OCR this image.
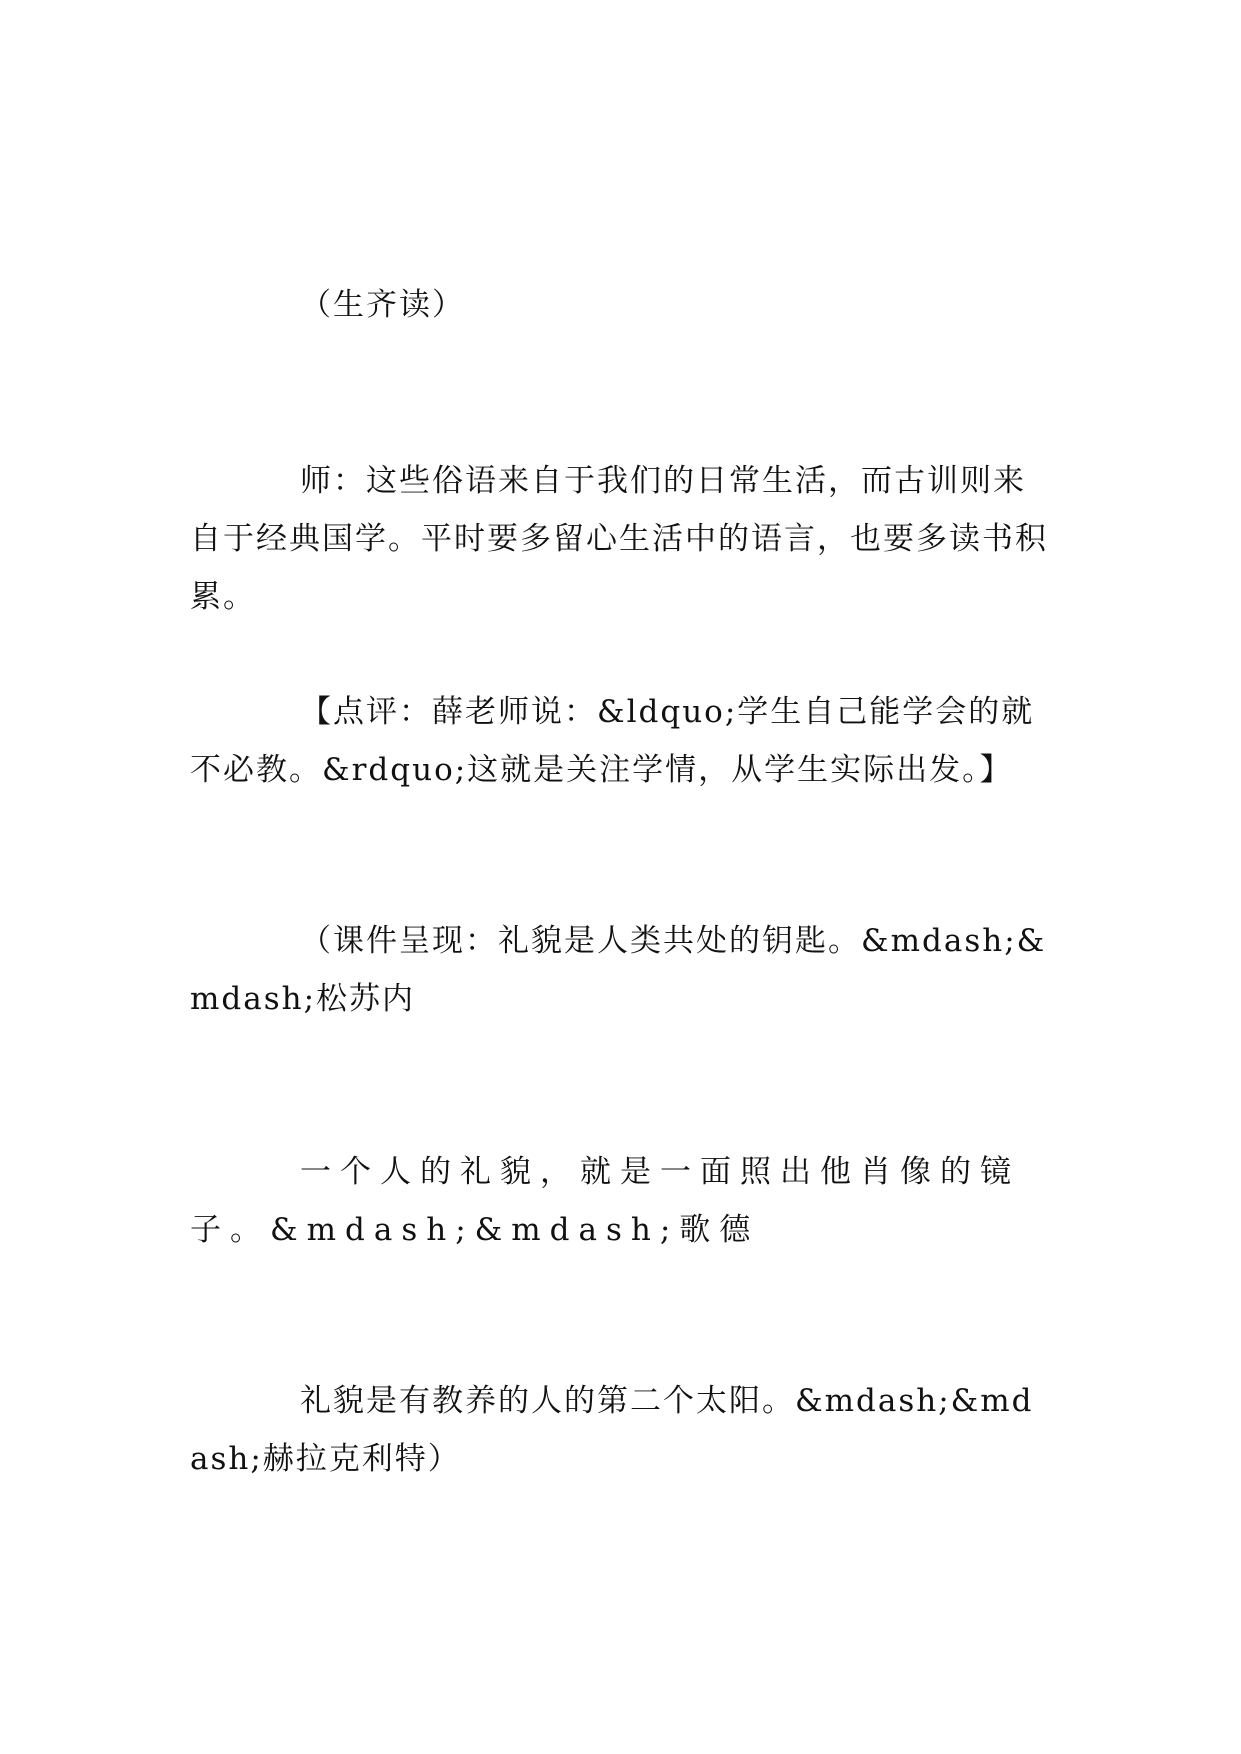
（生齐读）

师：这些俗语来自于我们的日常生活，而古训则来自于经典国学。平时要多留心生活中的语言，也要多读书积累。

【点评：薛老师说：&ldquo;学生自己能学会的就不必教。&rdquo;这就是关注学情，从学生实际出发。】

（课件呈现：礼貌是人类共处的钥匙。&mdash;&mdash;松苏内

一个人的礼貌，就是一面照出他肖像的镜子。&mdash;&mdash;歌德

礼貌是有教养的人的第二个太阳。&mdash;&mdash;赫拉克利特）
